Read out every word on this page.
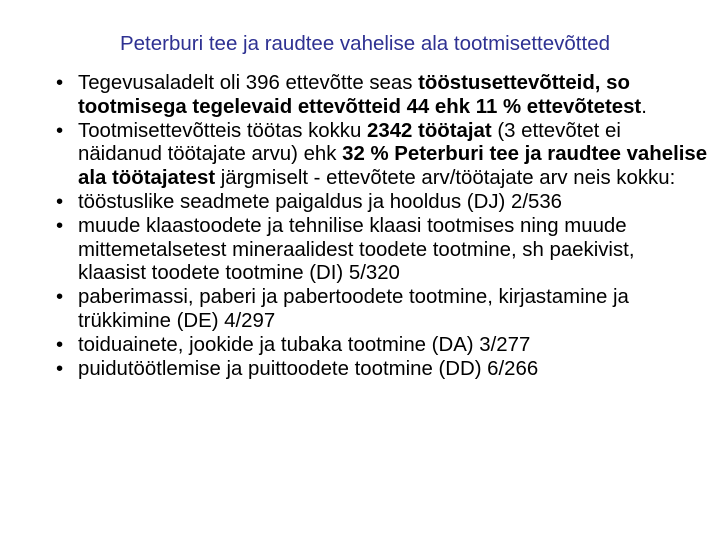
Peterburi tee ja raudtee vahelise ala tootmisettevõtted
• Tegevusaladelt oli 396 ettevõtte seas tööstusettevõtteid, so tootmisega tegelevaid ettevõtteid 44 ehk 11 % ettevõtetest.
• Tootmisettevõtteis töötas kokku 2342 töötajat (3 ettevõtet ei näidanud töötajate arvu) ehk 32 % Peterburi tee ja raudtee vahelise ala töötajatest järgmiselt - ettevõtete arv/töötajate arv neis kokku:
• tööstuslike seadmete paigaldus ja hooldus (DJ) 2/536
• muude klaastoodete ja tehnilise klaasi tootmises ning muude mittemetalsetest mineraalidest toodete tootmine, sh paekivist, klaasist toodete tootmine (DI) 5/320
• paberimassi, paberi ja pabertoodete tootmine, kirjastamine ja trükkimine (DE) 4/297
• toiduainete, jookide ja tubaka tootmine (DA) 3/277
• puidutöötlemise ja puittoodete tootmine (DD) 6/266
